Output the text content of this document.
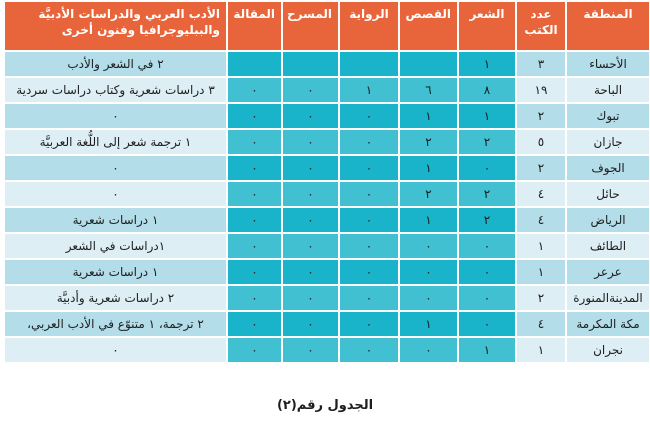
المنطقة	عدد الكتب	الشعر	القصص	الرواية	المسرح	المقالة	الأدب العربي والدراسات الأدبيَّة والببليوجرافيا وفنون أخرى
الأحساء	٣	١					٢ في الشعر والأدب
الباحة	١٩	٨	٦	١	٠	٠	٣ دراسات شعرية وكتاب دراسات سردية
تبوك	٢	١	١	٠	٠	٠	٠
جازان	٥	٢	٢	٠	٠	٠	١ ترجمة شعر إلى اللُّغة العربيَّة
الجوف	٢	٠	١	٠	٠	٠	٠
حائل	٤	٢	٢	٠	٠	٠	٠
الرياض	٤	٢	١	٠	٠	٠	١ دراسات شعرية
الطائف	١	٠	٠	٠	٠	٠	١دراسات في الشعر
عرعر	١	٠	٠	٠	٠	٠	١ دراسات شعرية
المدينةالمنورة	٢	٠	٠	٠	٠	٠	٢ دراسات شعرية وأدبيَّة
مكة المكرمة	٤	٠	١	٠	٠	٠	٢ ترجمة، ١ متنوّع في الأدب العربي،
نجران	١	١	٠	٠	٠	٠	٠
الجدول رقم(٢)
